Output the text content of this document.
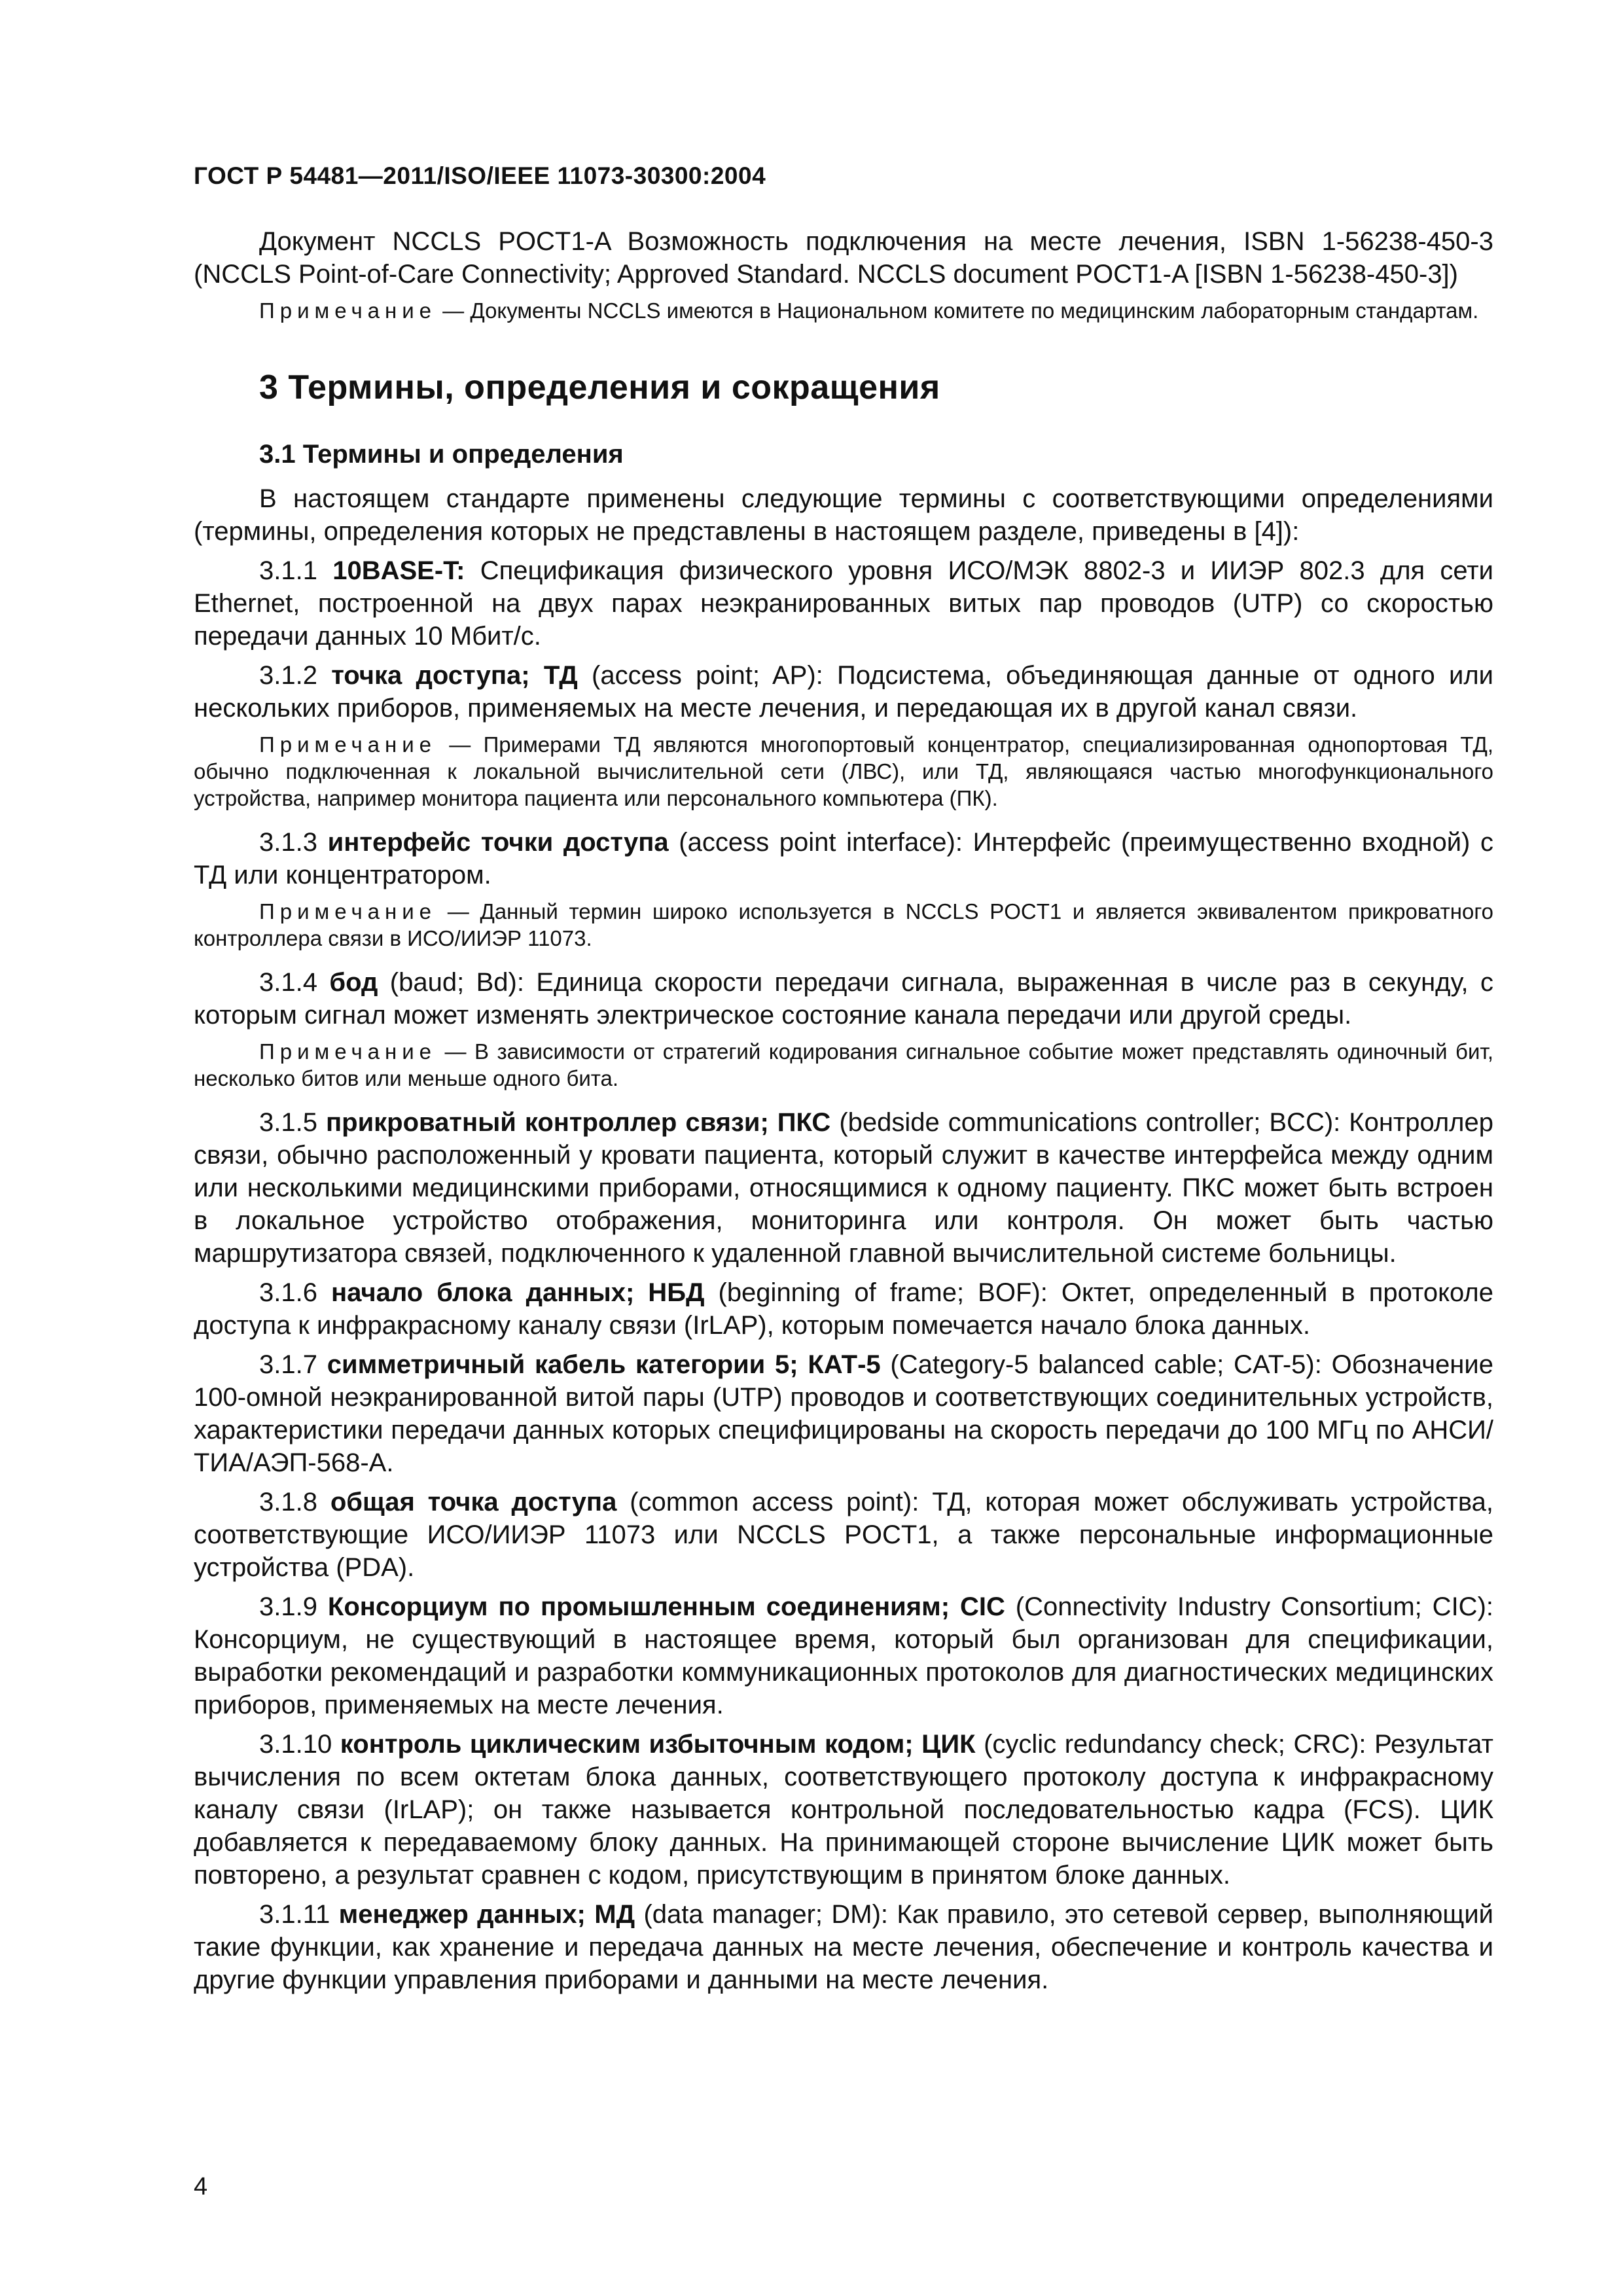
ГОСТ Р 54481—2011/ISO/IEEE 11073-30300:2004

Документ NCCLS POCT1-A Возможность подключения на месте лечения, ISBN 1-56238-450-3 (NCCLS Point-of-Care Connectivity; Approved Standard. NCCLS document POCT1-A [ISBN 1-56238-450-3])

Примечание — Документы NCCLS имеются в Национальном комитете по медицинским лабораторным стандартам.

3 Термины, определения и сокращения
3.1 Термины и определения

В настоящем стандарте применены следующие термины с соответствующими определениями (термины, определения которых не представлены в настоящем разделе, приведены в [4]):

3.1.1 10BASE-T: Спецификация физического уровня ИСО/МЭК 8802-3 и ИИЭР 802.3 для сети Ethernet, построенной на двух парах неэкранированных витых пар проводов (UTP) со скоростью передачи данных 10 Мбит/с.

3.1.2 точка доступа; ТД (access point; AP): Подсистема, объединяющая данные от одного или нескольких приборов, применяемых на месте лечения, и передающая их в другой канал связи.

Примечание — Примерами ТД являются многопортовый концентратор, специализированная однопортовая ТД, обычно подключенная к локальной вычислительной сети (ЛВС), или ТД, являющаяся частью многофункционального устройства, например монитора пациента или персонального компьютера (ПК).

3.1.3 интерфейс точки доступа (access point interface): Интерфейс (преимущественно входной) с ТД или концентратором.

Примечание — Данный термин широко используется в NCCLS POCT1 и является эквивалентом прикроватного контроллера связи в ИСО/ИИЭР 11073.

3.1.4 бод (baud; Bd): Единица скорости передачи сигнала, выраженная в числе раз в секунду, с которым сигнал может изменять электрическое состояние канала передачи или другой среды.

Примечание — В зависимости от стратегий кодирования сигнальное событие может представлять одиночный бит, несколько битов или меньше одного бита.

3.1.5 прикроватный контроллер связи; ПКС (bedside communications controller; BCC): Контроллер связи, обычно расположенный у кровати пациента, который служит в качестве интерфейса между одним или несколькими медицинскими приборами, относящимися к одному пациенту. ПКС может быть встроен в локальное устройство отображения, мониторинга или контроля. Он может быть частью маршрутизатора связей, подключенного к удаленной главной вычислительной системе больницы.

3.1.6 начало блока данных; НБД (beginning of frame; BOF): Октет, определенный в протоколе доступа к инфракрасному каналу связи (IrLAP), которым помечается начало блока данных.

3.1.7 симметричный кабель категории 5; КАТ-5 (Category-5 balanced cable; CAT-5): Обозначение 100-омной неэкранированной витой пары (UTP) проводов и соответствующих соединительных устройств, характеристики передачи данных которых специфицированы на скорость передачи до 100 МГц по АНСИ/ТИА/АЭП-568-А.

3.1.8 общая точка доступа (common access point): ТД, которая может обслуживать устройства, соответствующие ИСО/ИИЭР 11073 или NCCLS POCT1, а также персональные информационные устройства (PDA).

3.1.9 Консорциум по промышленным соединениям; CIC (Connectivity Industry Consortium; CIC): Консорциум, не существующий в настоящее время, который был организован для спецификации, выработки рекомендаций и разработки коммуникационных протоколов для диагностических медицинских приборов, применяемых на месте лечения.

3.1.10 контроль циклическим избыточным кодом; ЦИК (cyclic redundancy check; CRC): Результат вычисления по всем октетам блока данных, соответствующего протоколу доступа к инфракрасному каналу связи (IrLAP); он также называется контрольной последовательностью кадра (FCS). ЦИК добавляется к передаваемому блоку данных. На принимающей стороне вычисление ЦИК может быть повторено, а результат сравнен с кодом, присутствующим в принятом блоке данных.

3.1.11 менеджер данных; МД (data manager; DM): Как правило, это сетевой сервер, выполняющий такие функции, как хранение и передача данных на месте лечения, обеспечение и контроль качества и другие функции управления приборами и данными на месте лечения.

4
